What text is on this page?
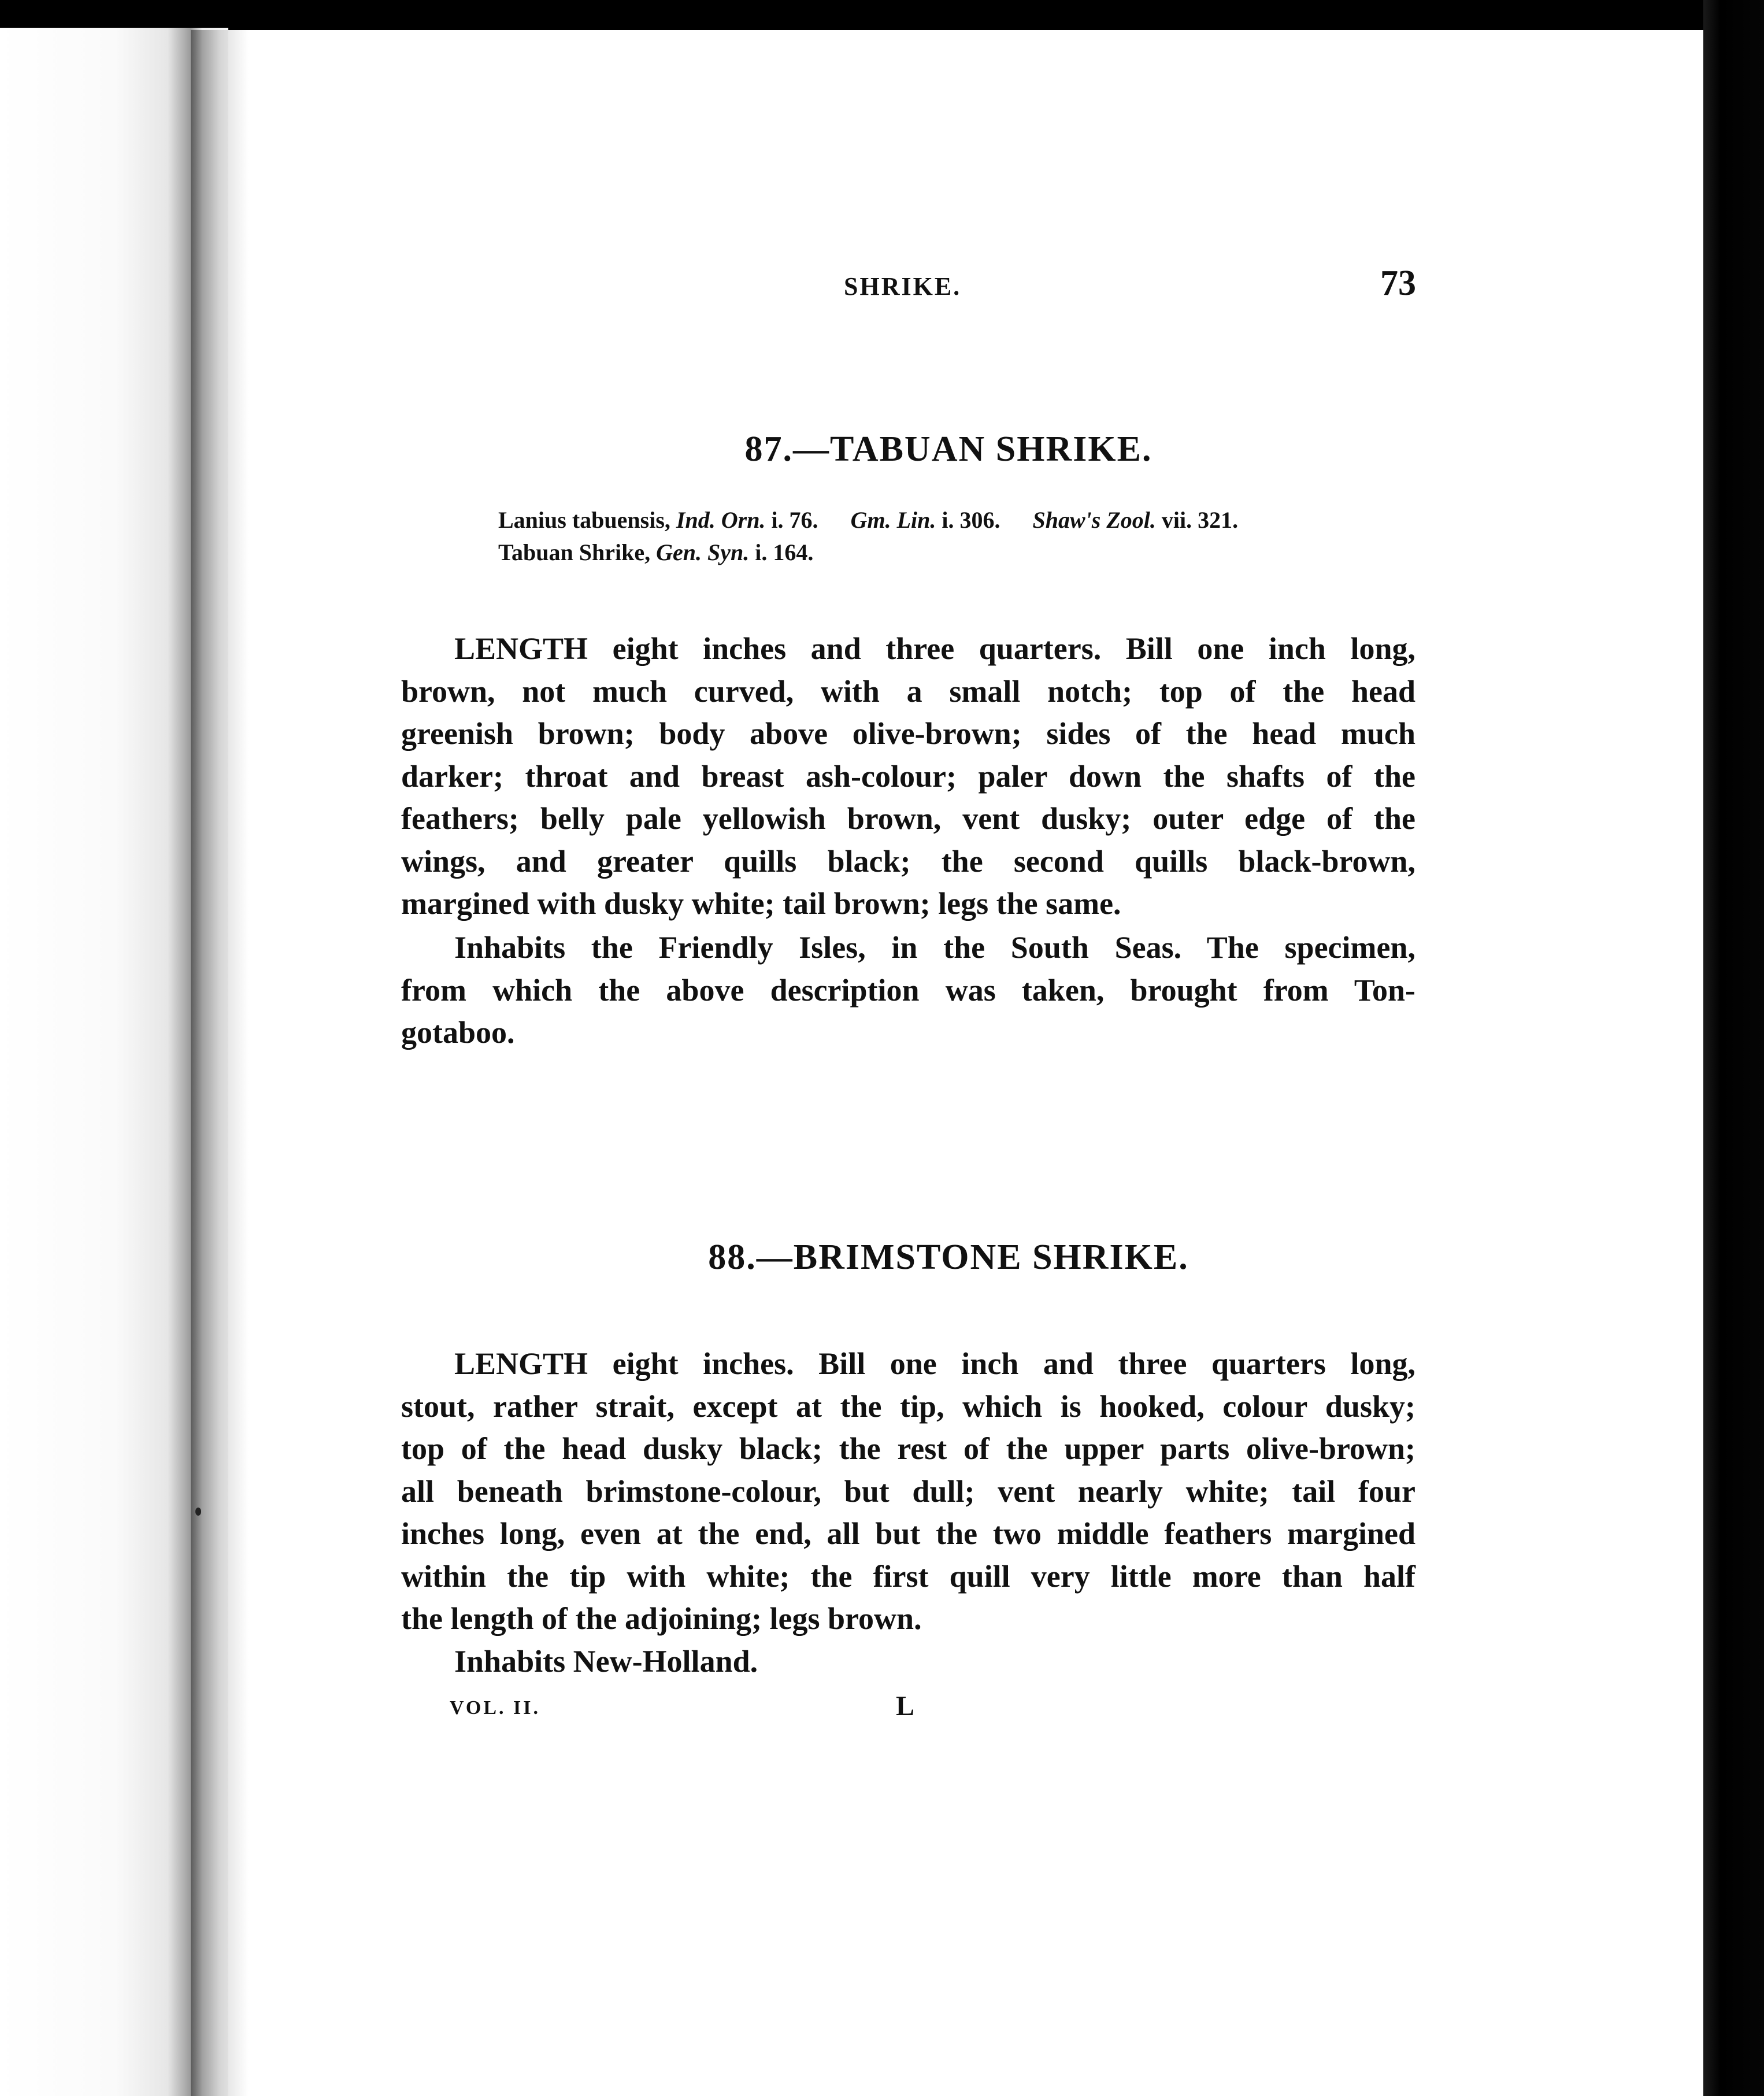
SHRIKE.	73
87.—TABUAN SHRIKE.
Lanius tabuensis, Ind. Orn. i. 76. Gm. Lin. i. 306. Shaw's Zool. vii. 321.
Tabuan Shrike, Gen. Syn. i. 164.
LENGTH eight inches and three quarters. Bill one inch long,
brown, not much curved, with a small notch; top of the head
greenish brown; body above olive-brown; sides of the head much
darker; throat and breast ash-colour; paler down the shafts of the
feathers; belly pale yellowish brown, vent dusky; outer edge of the
wings, and greater quills black; the second quills black-brown,
margined with dusky white; tail brown; legs the same.
Inhabits the Friendly Isles, in the South Seas. The specimen,
from which the above description was taken, brought from Ton-
gotaboo.
88.—BRIMSTONE SHRIKE.
LENGTH eight inches. Bill one inch and three quarters long,
stout, rather strait, except at the tip, which is hooked, colour dusky;
top of the head dusky black; the rest of the upper parts olive-brown;
all beneath brimstone-colour, but dull; vent nearly white; tail four
inches long, even at the end, all but the two middle feathers margined
within the tip with white; the first quill very little more than half
the length of the adjoining; legs brown.
Inhabits New-Holland.
VOL. II.	L
